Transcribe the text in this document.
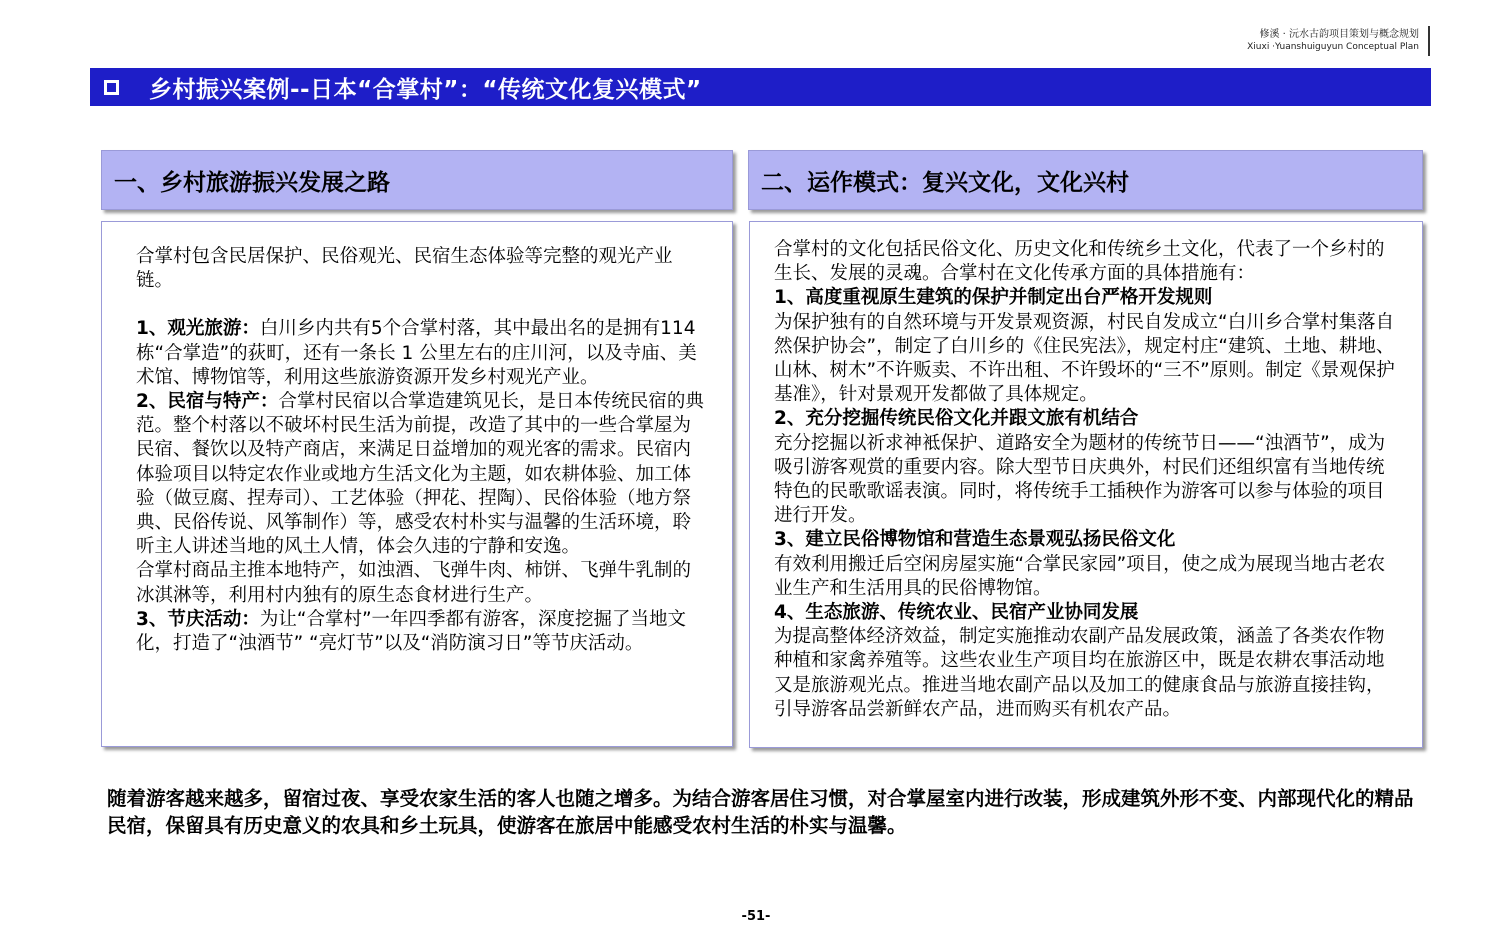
修溪 · 沅水古韵项目策划与概念规划
Xiuxi ·Yuanshuiguyun Conceptual Plan
乡村振兴案例--日本“合掌村”：“传统文化复兴模式”
一、乡村旅游振兴发展之路	二、运作模式：复兴文化，文化兴村
合掌村包含民居保护、民俗观光、民宿生态体验等完整的观光产业链。
1、观光旅游：白川乡内共有5个合掌村落，其中最出名的是拥有114栋“合掌造”的荻町，还有一条长 1 公里左右的庄川河，以及寺庙、美术馆、博物馆等，利用这些旅游资源开发乡村观光产业。
2、民宿与特产：合掌村民宿以合掌造建筑见长，是日本传统民宿的典范。整个村落以不破坏村民生活为前提，改造了其中的一些合掌屋为民宿、餐饮以及特产商店，来满足日益增加的观光客的需求。民宿内体验项目以特定农作业或地方生活文化为主题，如农耕体验、加工体验（做豆腐、捏寿司）、工艺体验（押花、捏陶）、民俗体验（地方祭典、民俗传说、风筝制作）等，感受农村朴实与温馨的生活环境，聆听主人讲述当地的风土人情，体会久违的宁静和安逸。
合掌村商品主推本地特产，如浊酒、飞弹牛肉、柿饼、飞弹牛乳制的冰淇淋等，利用村内独有的原生态食材进行生产。
3、节庆活动：为让“合掌村”一年四季都有游客，深度挖掘了当地文化，打造了“浊酒节” “亮灯节”以及“消防演习日”等节庆活动。
合掌村的文化包括民俗文化、历史文化和传统乡土文化，代表了一个乡村的生长、发展的灵魂。合掌村在文化传承方面的具体措施有：
1、高度重视原生建筑的保护并制定出台严格开发规则
为保护独有的自然环境与开发景观资源，村民自发成立“白川乡合掌村集落自然保护协会”，制定了白川乡的《住民宪法》，规定村庄“建筑、土地、耕地、山林、树木”不许贩卖、不许出租、不许毁坏的“三不”原则。制定《景观保护基准》，针对景观开发都做了具体规定。
2、充分挖掘传统民俗文化并跟文旅有机结合
充分挖掘以祈求神袛保护、道路安全为题材的传统节日——“浊酒节”，成为吸引游客观赏的重要内容。除大型节日庆典外，村民们还组织富有当地传统特色的民歌歌谣表演。同时，将传统手工插秧作为游客可以参与体验的项目进行开发。
3、建立民俗博物馆和营造生态景观弘扬民俗文化
有效利用搬迁后空闲房屋实施“合掌民家园”项目，使之成为展现当地古老农业生产和生活用具的民俗博物馆。
4、生态旅游、传统农业、民宿产业协同发展
为提高整体经济效益，制定实施推动农副产品发展政策，涵盖了各类农作物种植和家禽养殖等。这些农业生产项目均在旅游区中，既是农耕农事活动地又是旅游观光点。推进当地农副产品以及加工的健康食品与旅游直接挂钩，引导游客品尝新鲜农产品，进而购买有机农产品。
随着游客越来越多，留宿过夜、享受农家生活的客人也随之增多。为结合游客居住习惯，对合掌屋室内进行改装，形成建筑外形不变、内部现代化的精品民宿，保留具有历史意义的农具和乡土玩具，使游客在旅居中能感受农村生活的朴实与温馨。
-51-
